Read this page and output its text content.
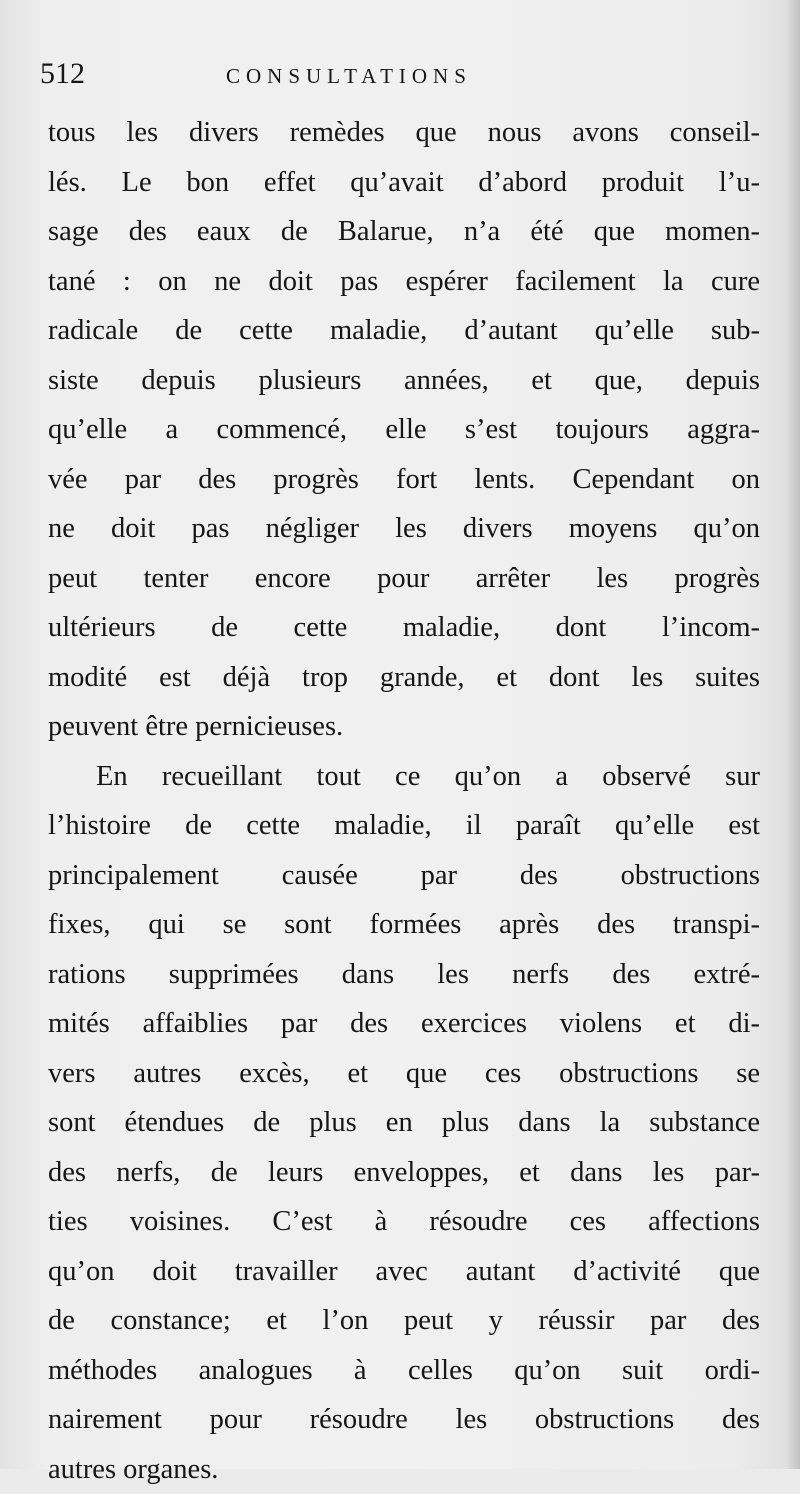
512	CONSULTATIONS
tous les divers remèdes que nous avons conseil-
lés. Le bon effet qu’avait d’abord produit l’u-
sage des eaux de Balarue, n’a été que momen-
tané : on ne doit pas espérer facilement la cure
radicale de cette maladie, d’autant qu’elle sub-
siste depuis plusieurs années, et que, depuis
qu’elle a commencé, elle s’est toujours aggra-
vée par des progrès fort lents. Cependant on
ne doit pas négliger les divers moyens qu’on
peut tenter encore pour arrêter les progrès
ultérieurs de cette maladie, dont l’incom-
modité est déjà trop grande, et dont les suites
peuvent être pernicieuses.
En recueillant tout ce qu’on a observé sur
l’histoire de cette maladie, il paraît qu’elle est
principalement causée par des obstructions
fixes, qui se sont formées après des transpi-
rations supprimées dans les nerfs des extré-
mités affaiblies par des exercices violens et di-
vers autres excès, et que ces obstructions se
sont étendues de plus en plus dans la substance
des nerfs, de leurs enveloppes, et dans les par-
ties voisines. C’est à résoudre ces affections
qu’on doit travailler avec autant d’activité que
de constance; et l’on peut y réussir par des
méthodes analogues à celles qu’on suit ordi-
nairement pour résoudre les obstructions des
autres organes.
